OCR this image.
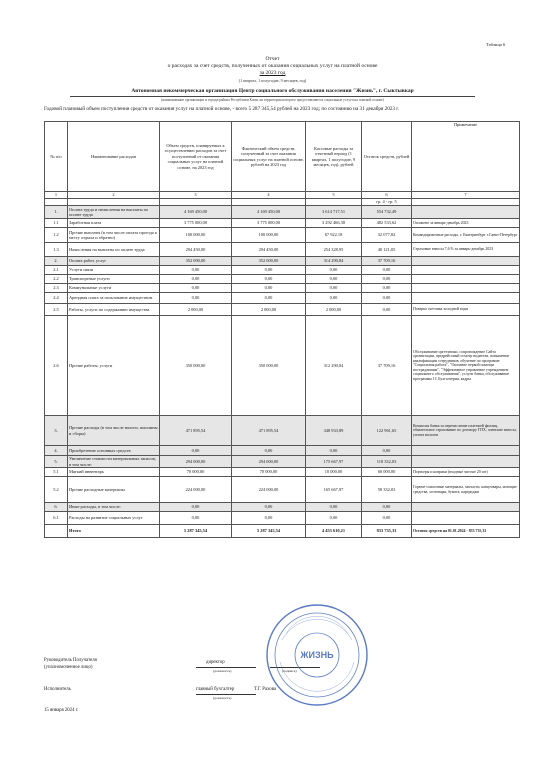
Таблица 6
Отчет
о расходах за счет средств, полученных от оказания социальных услуг на платной основе
за 2023 год
(1 квартал, 1 полугодие, 9 месяцев, год)
Автономная некоммерческая организация Центр социального обслуживания населения "Жизнь", г. Сыктывкар
(наименование организации и города/района Республики Коми, на территории которого предоставляются социальные услуги на платной основе)
Годовой плановый объем поступления средств от оказания услуг на платной основе, - всего 5 287 345,54 рублей на 2023 год; по состоянию на 31 декабря 2023 г.
№ п/п	Наименование расходов	Объем средств, планируемых к осуществлению расходов за счет поступлений от оказания социальных услуг на платной основе, на 2023 год	Фактический объем средств, полученный за счет оказания социальных услуг на платной основе, рублей на 2023 год	Кассовые расходы за отчетный период (1 квартал, 1 полугодие, 9 месяцев, год), рублей	Остаток средств, рублей	Примечание
1	2	3	4	5	6	7
					гр. 4 - гр. 5	
1.	Оплата труда и начисления на выплаты по оплате труда	4 169 450,00	4 169 450,00	3 614 717,51	554 732,49	
1.1	Заработная плата	3 775 000,00	3 775 000,00	3 292 466,38	482 533,62	Оплачено за январь-декабрь 2023
1.2	Прочие выплаты (в том числе оплата проезда к месту отдыха и обратно)	100 000,00	100 000,00	67 922,18	32 077,82	Командировочные расходы, г. Екатеринбург г.Санкт-Петербург
1.3	Начисления на выплаты по оплате труда	294 450,00	294 450,00	254 328,95	40 121,05	Страховые взносы 7,6 % за январь-декабрь 2023
2.	Оплата работ, услуг	352 000,00	352 000,00	314 290,84	37 709,16	
2.1	Услуги связи	0,00	0,00	0,00	0,00	
2.2	Транспортные услуги	0,00	0,00	0,00	0,00	
2.3	Коммунальные услуги	0,00	0,00	0,00	0,00	
2.4	Арендная плата за пользование имуществом	0,00	0,00	0,00	0,00	
2.5	Работы, услуги по содержанию имущества	2 000,00	2 000,00	2 000,00	0,00	Поверка счетчика холодной воды
2.6	Прочие работы, услуги	350 000,00	350 000,00	312 290,84	37 709,16	Обслуживание оргтехники, сопровождение Сайта организации, предрейсовый осмотр водителя, повышение квалификации сотрудников, обучение по программе "Социальная работа", "Оказание первой помощи пострадавшим", "Эффективное управление учреждением социального обслуживания", услуги банка, обслуживание программы 1С Бухгалтерия, кадры
3.	Прочие расходы (в том числе налоги, пошлины и сборы)	471 895,54	471 895,54	348 933,89	122 961,65	Комиссия банка за перечисление платежей физлиц, обязательное страхование по договору ГПХ, членские взносы, уплата налогов
4.	Приобретение основных средств	0,00	0,00	0,00	0,00	
5.	Увеличение стоимости материальных запасов, в том числе:	294 000,00	294 000,00	175 667,97	118 332,03	
5.1	Мягкий инвентарь	70 000,00	70 000,00	10 000,00	60 000,00	Портьеры и коврики (входные чистые 20 шт)
5.2	Прочие расходные материалы	224 000,00	224 000,00	165 667,97	58 332,03	Горюче-смазочные материалы, запчасти, канцтовары, моющие средства, хозтовары, бумага, картриджи
6.	Иные расходы, в том числе:	0,00	0,00	0,00	0,00	
6.1	Расходы на развитие социальных услуг	0,00	0,00	0,00	0,00	
	Итого	5 287 345,54	5 287 345,54	4 453 610,21	833 735,33	Остаток средств на 01.01.2024 - 833 735,33
Руководитель Получателя
(уполномоченное лицо)
директор
(должность)	(подпись)
Исполнитель	главный бухгалтер	Т.Г. Рахова
(должность)
15 января 2024 г.
ЖИЗНЬ
